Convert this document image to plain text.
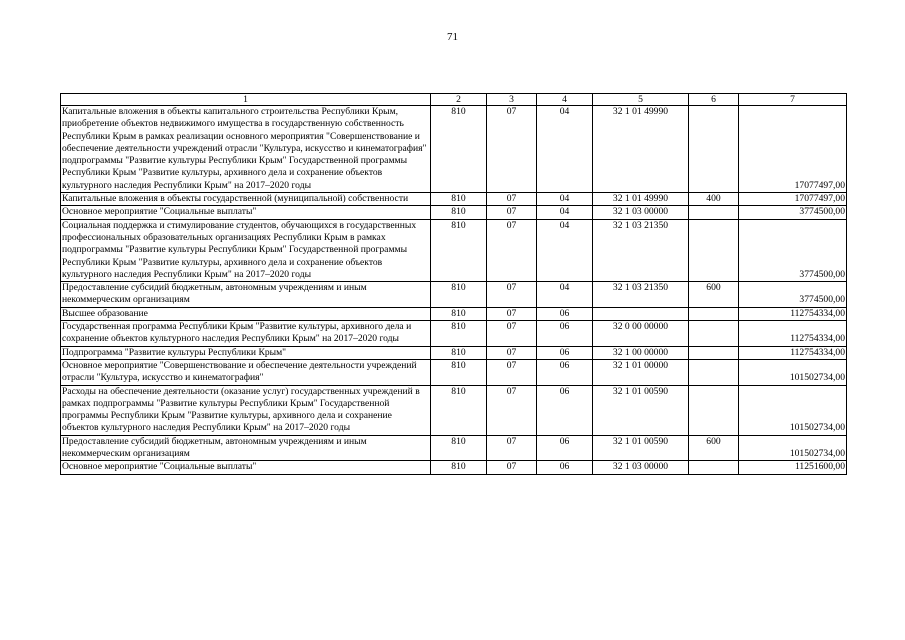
71
1	2	3	4	5	6	7
Капитальные вложения в объекты капитального строительства Республики Крым, приобретение объектов недвижимого имущества в государственную собственность Республики Крым в рамках реализации основного мероприятия "Совершенствование и обеспечение деятельности учреждений отрасли "Культура, искусство и кинематография" подпрограммы "Развитие культуры Республики Крым" Государственной программы Республики Крым "Развитие культуры, архивного дела и сохранение объектов культурного наследия Республики Крым" на 2017–2020 годы	810	07	04	32 1 01 49990		17077497,00
Капитальные вложения в объекты государственной (муниципальной) собственности	810	07	04	32 1 01 49990	400	17077497,00
Основное мероприятие "Социальные выплаты"	810	07	04	32 1 03 00000		3774500,00
Социальная поддержка и стимулирование студентов, обучающихся в государственных профессиональных образовательных организациях Республики Крым в рамках подпрограммы "Развитие культуры Республики Крым" Государственной программы Республики Крым "Развитие культуры, архивного дела и сохранение объектов культурного наследия Республики Крым" на 2017–2020 годы	810	07	04	32 1 03 21350		3774500,00
Предоставление субсидий бюджетным, автономным учреждениям и иным некоммерческим организациям	810	07	04	32 1 03 21350	600	3774500,00
Высшее образование	810	07	06			112754334,00
Государственная программа Республики Крым "Развитие культуры, архивного дела и сохранение объектов культурного наследия Республики Крым" на 2017–2020 годы	810	07	06	32 0 00 00000		112754334,00
Подпрограмма "Развитие культуры Республики Крым"	810	07	06	32 1 00 00000		112754334,00
Основное мероприятие "Совершенствование и обеспечение деятельности учреждений отрасли "Культура, искусство и кинематография"	810	07	06	32 1 01 00000		101502734,00
Расходы на обеспечение деятельности (оказание услуг) государственных учреждений в рамках подпрограммы "Развитие культуры Республики Крым" Государственной программы Республики Крым "Развитие культуры, архивного дела и сохранение объектов культурного наследия Республики Крым" на 2017–2020 годы	810	07	06	32 1 01 00590		101502734,00
Предоставление субсидий бюджетным, автономным учреждениям и иным некоммерческим организациям	810	07	06	32 1 01 00590	600	101502734,00
Основное мероприятие "Социальные выплаты"	810	07	06	32 1 03 00000		11251600,00
